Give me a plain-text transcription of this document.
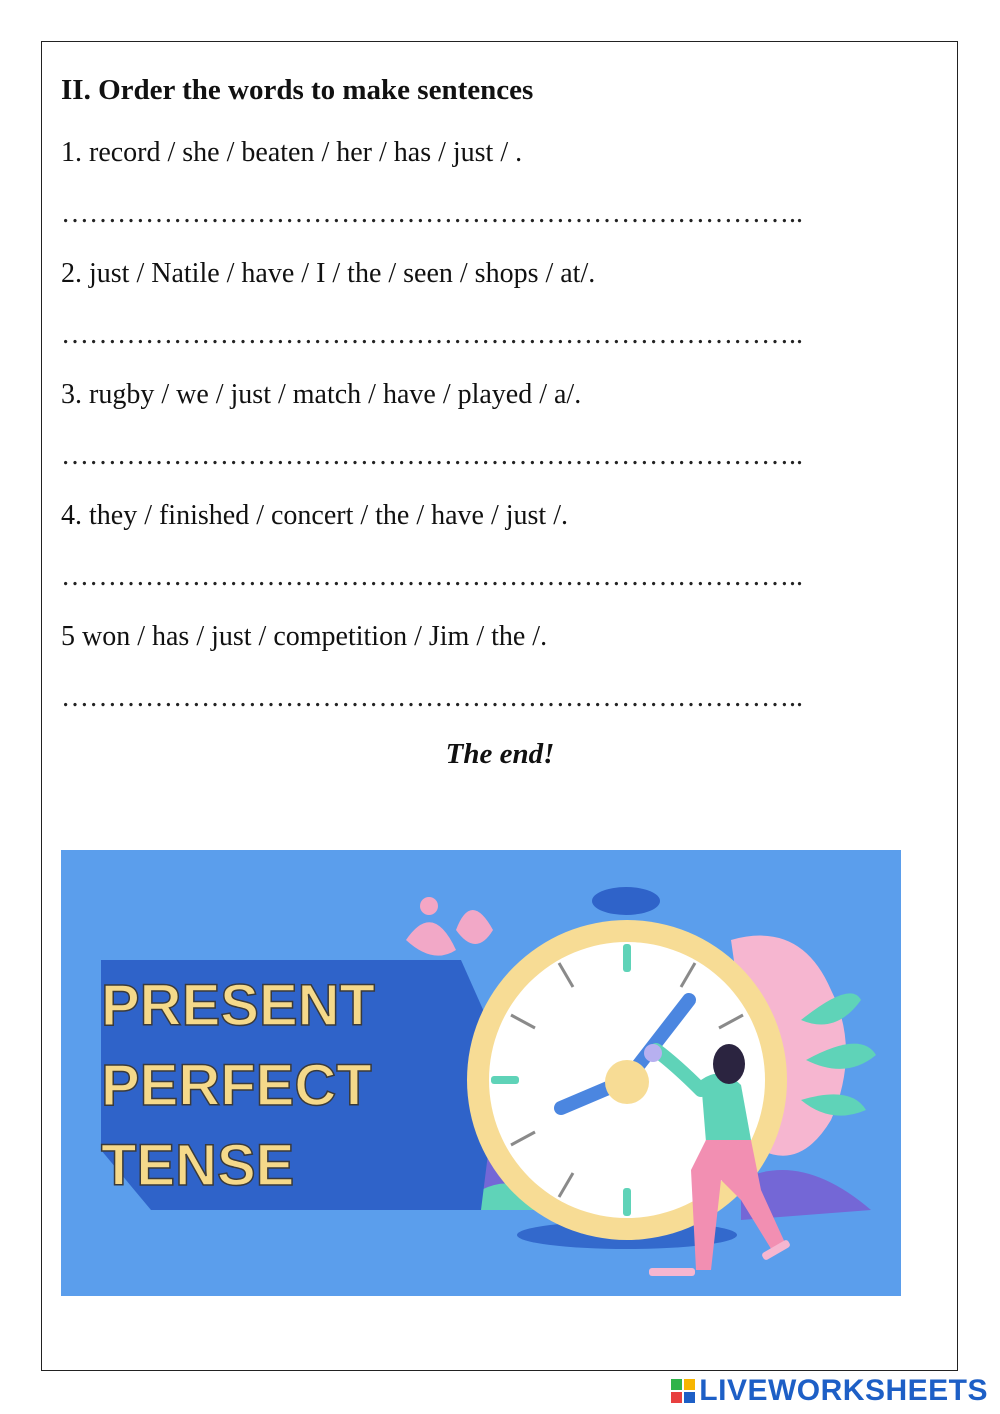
II. Order the words to make sentences
1. record / she / beaten / her / has / just / .
……………………………………………………………………..
2. just / Natile / have / I / the / seen / shops / at/.
……………………………………………………………………..
3. rugby / we / just / match / have / played / a/.
……………………………………………………………………..
4. they / finished / concert / the / have / just /.
……………………………………………………………………..
5 won / has / just / competition / Jim / the /.
……………………………………………………………………..
The end!
PRESENT
PERFECT
TENSE
LIVEWORKSHEETS
